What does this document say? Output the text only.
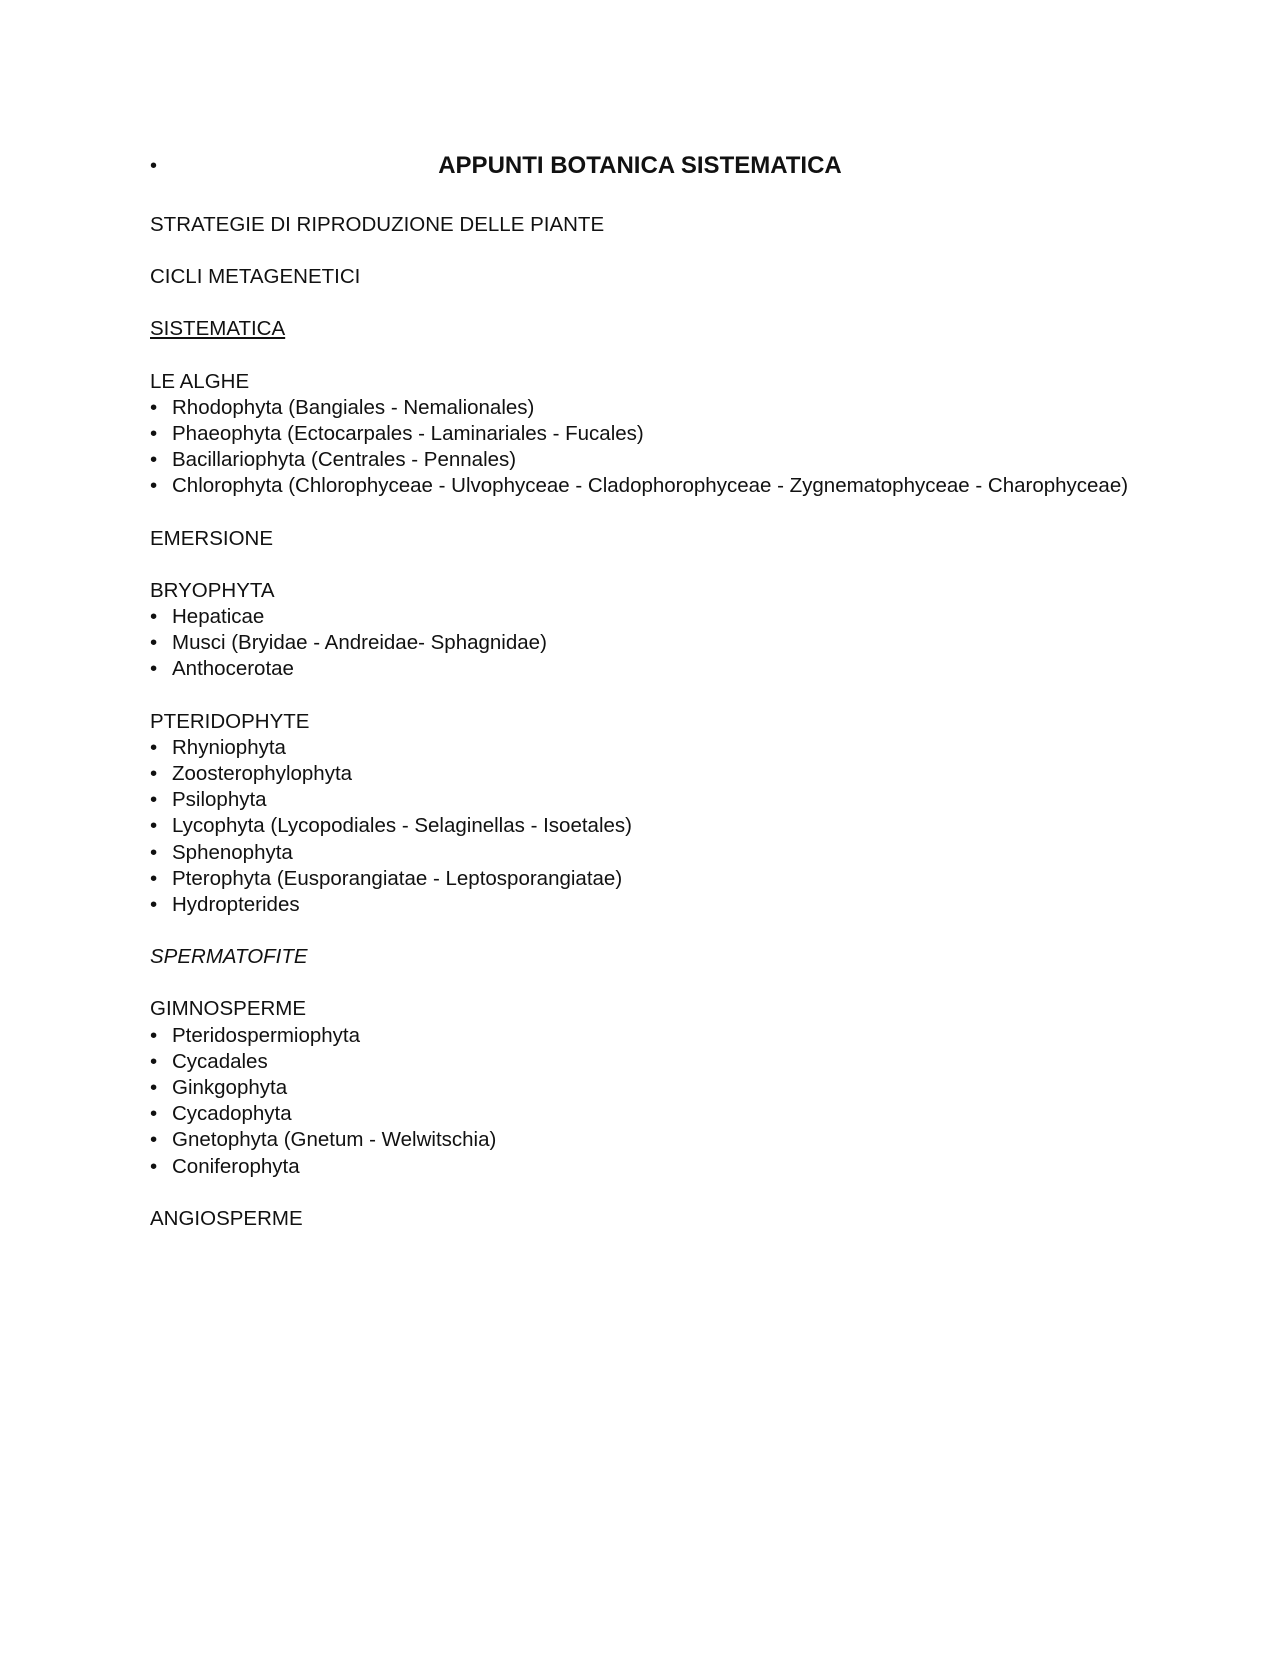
•	APPUNTI BOTANICA SISTEMATICA

STRATEGIE DI RIPRODUZIONE DELLE PIANTE

CICLI METAGENETICI

SISTEMATICA

LE ALGHE

• Rhodophyta (Bangiales - Nemalionales)
• Phaeophyta (Ectocarpales - Laminariales - Fucales)
• Bacillariophyta (Centrales - Pennales)
• Chlorophyta (Chlorophyceae - Ulvophyceae - Cladophorophyceae - Zygnematophyceae - Charophyceae)

EMERSIONE

BRYOPHYTA

• Hepaticae
• Musci (Bryidae - Andreidae- Sphagnidae)
• Anthocerotae

PTERIDOPHYTE

• Rhyniophyta
• Zoosterophylophyta
• Psilophyta
• Lycophyta (Lycopodiales - Selaginellas - Isoetales)
• Sphenophyta
• Pterophyta (Eusporangiatae - Leptosporangiatae)
• Hydropterides

SPERMATOFITE

GIMNOSPERME

• Pteridospermiophyta
• Cycadales
• Ginkgophyta
• Cycadophyta
• Gnetophyta (Gnetum - Welwitschia)
• Coniferophyta

ANGIOSPERME
